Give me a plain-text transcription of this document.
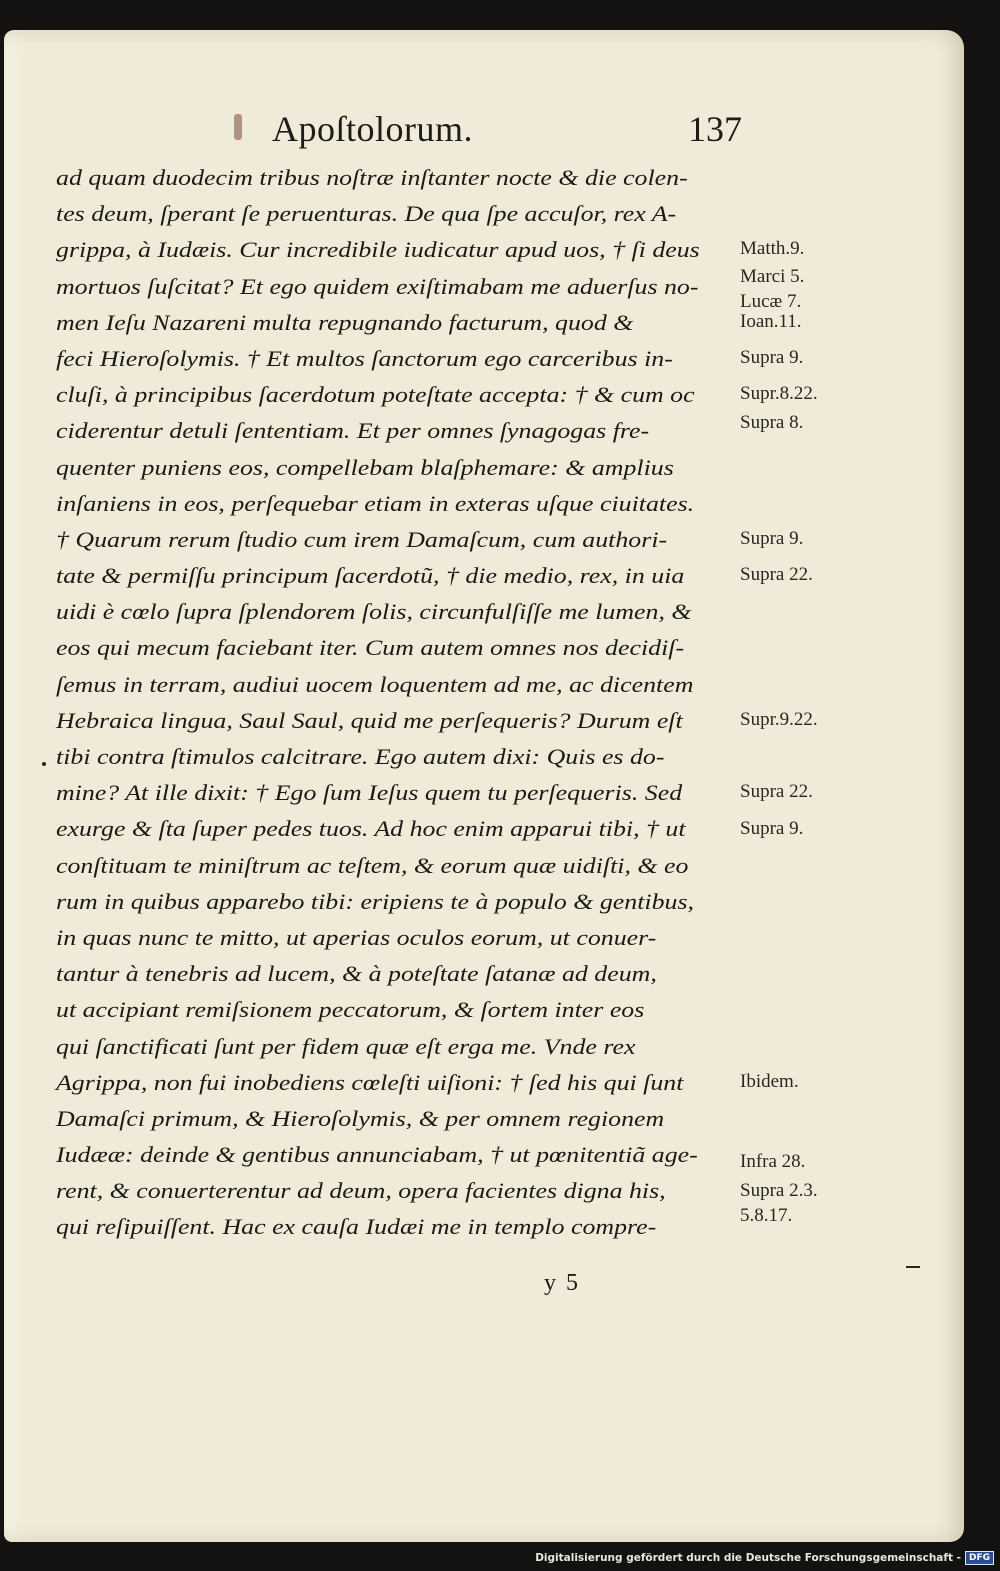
Apoſtolorum.	137
ad quam duodecim tribus noſtræ inſtanter nocte & die colen-
tes deum, ſperant ſe peruenturas. De qua ſpe accuſor, rex A-
grippa, à Iudæis. Cur incredibile iudicatur apud uos, † ſi deus
mortuos ſuſcitat? Et ego quidem exiſtimabam me aduerſus no-
men Ieſu Nazareni multa repugnando facturum, quod &
feci Hieroſolymis. † Et multos ſanctorum ego carceribus in-
cluſi, à principibus ſacerdotum poteſtate accepta: † & cum oc
ciderentur detuli ſententiam. Et per omnes ſynagogas fre-
quenter puniens eos, compellebam blaſphemare: & amplius
inſaniens in eos, perſequebar etiam in exteras uſque ciuitates.
† Quarum rerum ſtudio cum irem Damaſcum, cum authori-
tate & permiſſu principum ſacerdotũ, † die medio, rex, in uia
uidi è cœlo ſupra ſplendorem ſolis, circunfulſiſſe me lumen, &
eos qui mecum faciebant iter. Cum autem omnes nos decidiſ-
ſemus in terram, audiui uocem loquentem ad me, ac dicentem
Hebraica lingua, Saul Saul, quid me perſequeris? Durum eſt
tibi contra ſtimulos calcitrare. Ego autem dixi: Quis es do-
mine? At ille dixit: † Ego ſum Ieſus quem tu perſequeris. Sed
exurge & ſta ſuper pedes tuos. Ad hoc enim apparui tibi, † ut
conſtituam te miniſtrum ac teſtem, & eorum quæ uidiſti, & eo
rum in quibus apparebo tibi: eripiens te à populo & gentibus,
in quas nunc te mitto, ut aperias oculos eorum, ut conuer-
tantur à tenebris ad lucem, & à poteſtate ſatanæ ad deum,
ut accipiant remiſsionem peccatorum, & ſortem inter eos
qui ſanctificati ſunt per fidem quæ eſt erga me. Vnde rex
Agrippa, non fui inobediens cœleſti uiſioni: † ſed his qui ſunt
Damaſci primum, & Hieroſolymis, & per omnem regionem
Iudææ: deinde & gentibus annunciabam, † ut pœnitentiã age-
rent, & conuerterentur ad deum, opera facientes digna his,
qui reſipuiſſent. Hac ex cauſa Iudæi me in templo compre-
Matth.9.
Marci 5.
Lucæ 7.
Ioan.11.
Supra 9.
Supr.8.22.
Supra 8.
Supra 9.
Supra 22.
Supr.9.22.
Supra 22.
Supra 9.
Ibidem.
Infra 28.
Supra 2.3.
5.8.17.
y 5
Digitalisierung gefördert durch die Deutsche Forschungsgemeinschaft - DFG
